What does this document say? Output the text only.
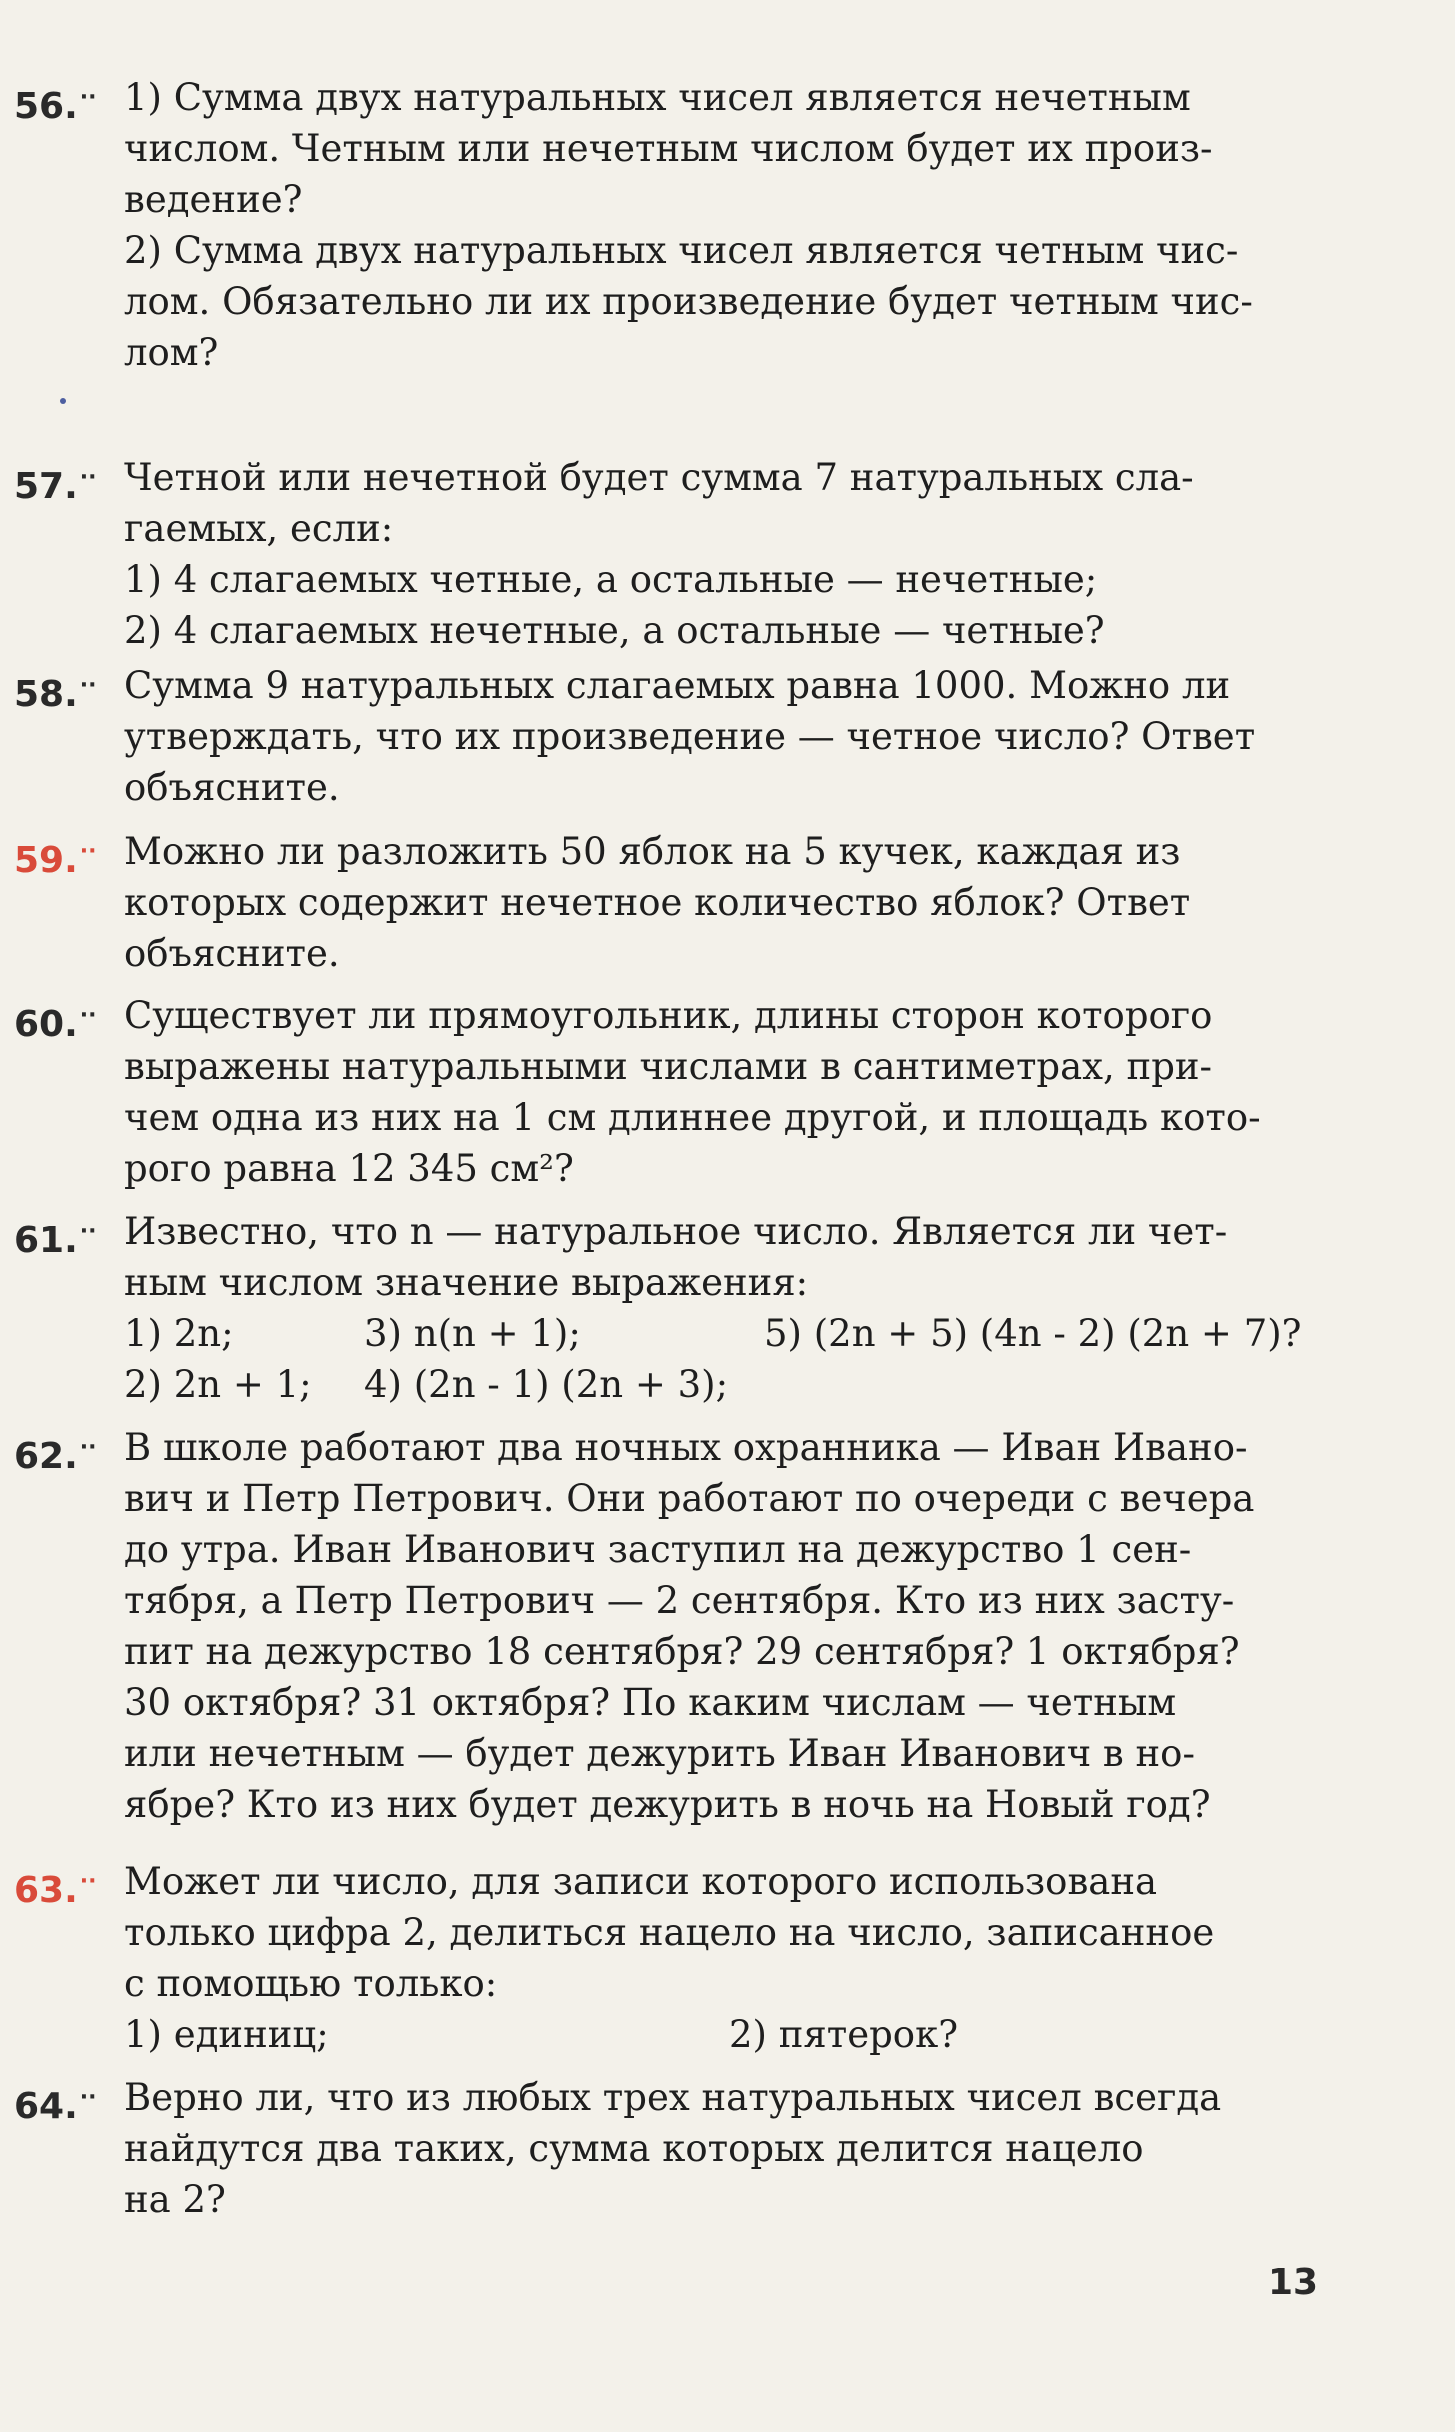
56.·· 1) Сумма двух натуральных чисел является нечетным

числом. Четным или нечетным числом будет их произ-

ведение?

2) Сумма двух натуральных чисел является четным чис-

лом. Обязательно ли их произведение будет четным чис-

лом?

57.·· Четной или нечетной будет сумма 7 натуральных сла-

гаемых, если:

1) 4 слагаемых четные, а остальные — нечетные;

2) 4 слагаемых нечетные, а остальные — четные?

58.·· Сумма 9 натуральных слагаемых равна 1000. Можно ли

утверждать, что их произведение — четное число? Ответ

объясните.

59.·· Можно ли разложить 50 яблок на 5 кучек, каждая из

которых содержит нечетное количество яблок? Ответ

объясните.

60.·· Существует ли прямоугольник, длины сторон которого

выражены натуральными числами в сантиметрах, при-

чем одна из них на 1 см длиннее другой, и площадь кото-

рого равна 12 345 см²?

61.·· Известно, что n — натуральное число. Является ли чет-

ным числом значение выражения:

1) 2n;	3) n(n + 1);	5) (2n + 5) (4n - 2) (2n + 7)?
2) 2n + 1;	4) (2n - 1) (2n + 3);
62.·· В школе работают два ночных охранника — Иван Ивано-

вич и Петр Петрович. Они работают по очереди с вечера

до утра. Иван Иванович заступил на дежурство 1 сен-

тября, а Петр Петрович — 2 сентября. Кто из них засту-

пит на дежурство 18 сентября? 29 сентября? 1 октября?

30 октября? 31 октября? По каким числам — четным

или нечетным — будет дежурить Иван Иванович в но-

ябре? Кто из них будет дежурить в ночь на Новый год?

63.·· Может ли число, для записи которого использована

только цифра 2, делиться нацело на число, записанное

с помощью только:

1) единиц;	2) пятерок?
64.·· Верно ли, что из любых трех натуральных чисел всегда

найдутся два таких, сумма которых делится нацело

на 2?

13
